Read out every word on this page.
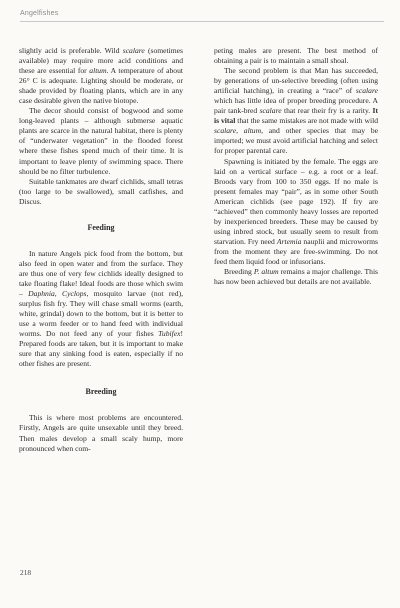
Angelfishes

slightly acid is preferable. Wild scalare (sometimes available) may require more acid conditions and these are essential for altum. A temperature of about 26° C is adequate. Lighting should be moderate, or shade provided by floating plants, which are in any case desirable given the native biotope.

The decor should consist of bogwood and some long-leaved plants – although submerse aquatic plants are scarce in the natural habitat, there is plenty of “underwater vegetation” in the flooded forest where these fishes spend much of their time. It is important to leave plenty of swimming space. There should be no filter turbulence.

Suitable tankmates are dwarf cichlids, small tetras (too large to be swallowed), small catfishes, and Discus.

Feeding

In nature Angels pick food from the bottom, but also feed in open water and from the surface. They are thus one of very few cichlids ideally designed to take floating flake! Ideal foods are those which swim – Daphnia, Cyclops, mosquito larvae (not red), surplus fish fry. They will chase small worms (earth, white, grindal) down to the bottom, but it is better to use a worm feeder or to hand feed with individual worms. Do not feed any of your fishes Tubifex! Prepared foods are taken, but it is important to make sure that any sinking food is eaten, especially if no other fishes are present.

Breeding

This is where most problems are encountered. Firstly, Angels are quite unsexable until they breed. Then males develop a small scaly hump, more pronounced when com-

peting males are present. The best method of obtaining a pair is to maintain a small shoal.

The second problem is that Man has succeeded, by generations of un-selective breeding (often using artificial hatching), in creating a “race” of scalare which has little idea of proper breeding procedure. A pair tank-bred scalare that rear their fry is a rarity. It is vital that the same mistakes are not made with wild scalare, altum, and other species that may be imported; we must avoid artificial hatching and select for proper parental care.

Spawning is initiated by the female. The eggs are laid on a vertical surface – e.g. a root or a leaf. Broods vary from 100 to 350 eggs. If no male is present females may “pair”, as in some other South American cichlids (see page 192). If fry are “achieved” then commonly heavy losses are reported by inexperienced breeders. These may be caused by using inbred stock, but usually seem to result from starvation. Fry need Artemia nauplii and microworms from the moment they are free-swimming. Do not feed them liquid food or infusorians.

Breeding P. altum remains a major challenge. This has now been achieved but details are not available.

218
